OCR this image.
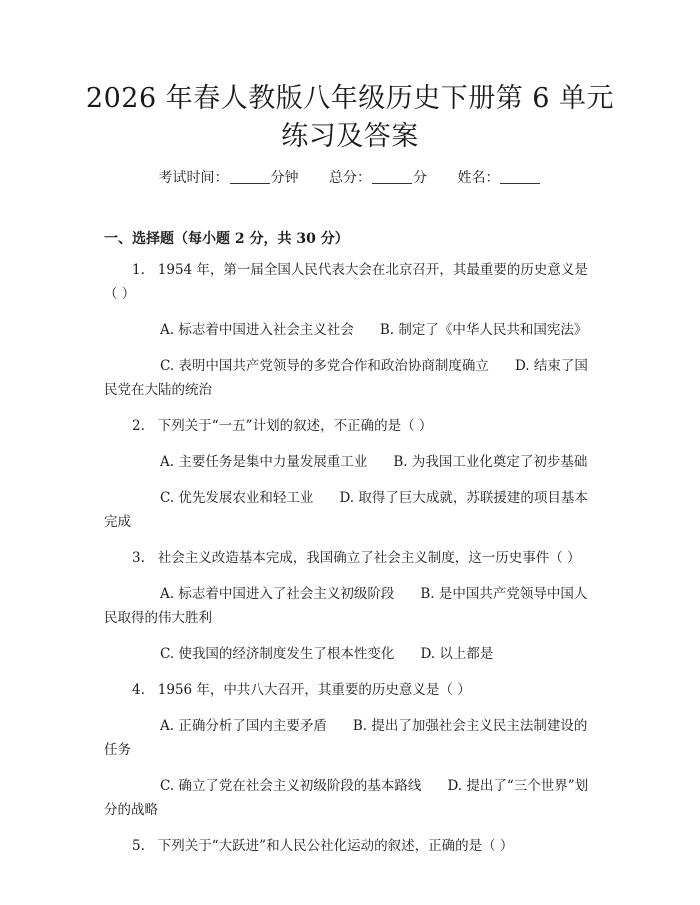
2026 年春人教版八年级历史下册第 6 单元练习及答案
考试时间：	分钟 总分：	分 姓名：
一、选择题（每小题 2 分，共 30 分）

1. 1954 年，第一届全国人民代表大会在北京召开，其最重要的历史意义是（ ）

A. 标志着中国进入社会主义社会 B. 制定了《中华人民共和国宪法》

C. 表明中国共产党领导的多党合作和政治协商制度确立 D. 结束了国民党在大陆的统治

2. 下列关于“一五”计划的叙述，不正确的是（ ）

A. 主要任务是集中力量发展重工业 B. 为我国工业化奠定了初步基础

C. 优先发展农业和轻工业 D. 取得了巨大成就，苏联援建的项目基本完成

3. 社会主义改造基本完成，我国确立了社会主义制度，这一历史事件（ ）

A. 标志着中国进入了社会主义初级阶段 B. 是中国共产党领导中国人民取得的伟大胜利

C. 使我国的经济制度发生了根本性变化 D. 以上都是

4. 1956 年，中共八大召开，其重要的历史意义是（ ）

A. 正确分析了国内主要矛盾 B. 提出了加强社会主义民主法制建设的任务

C. 确立了党在社会主义初级阶段的基本路线 D. 提出了“三个世界”划分的战略

5. 下列关于“大跃进”和人民公社化运动的叙述，正确的是（ ）
